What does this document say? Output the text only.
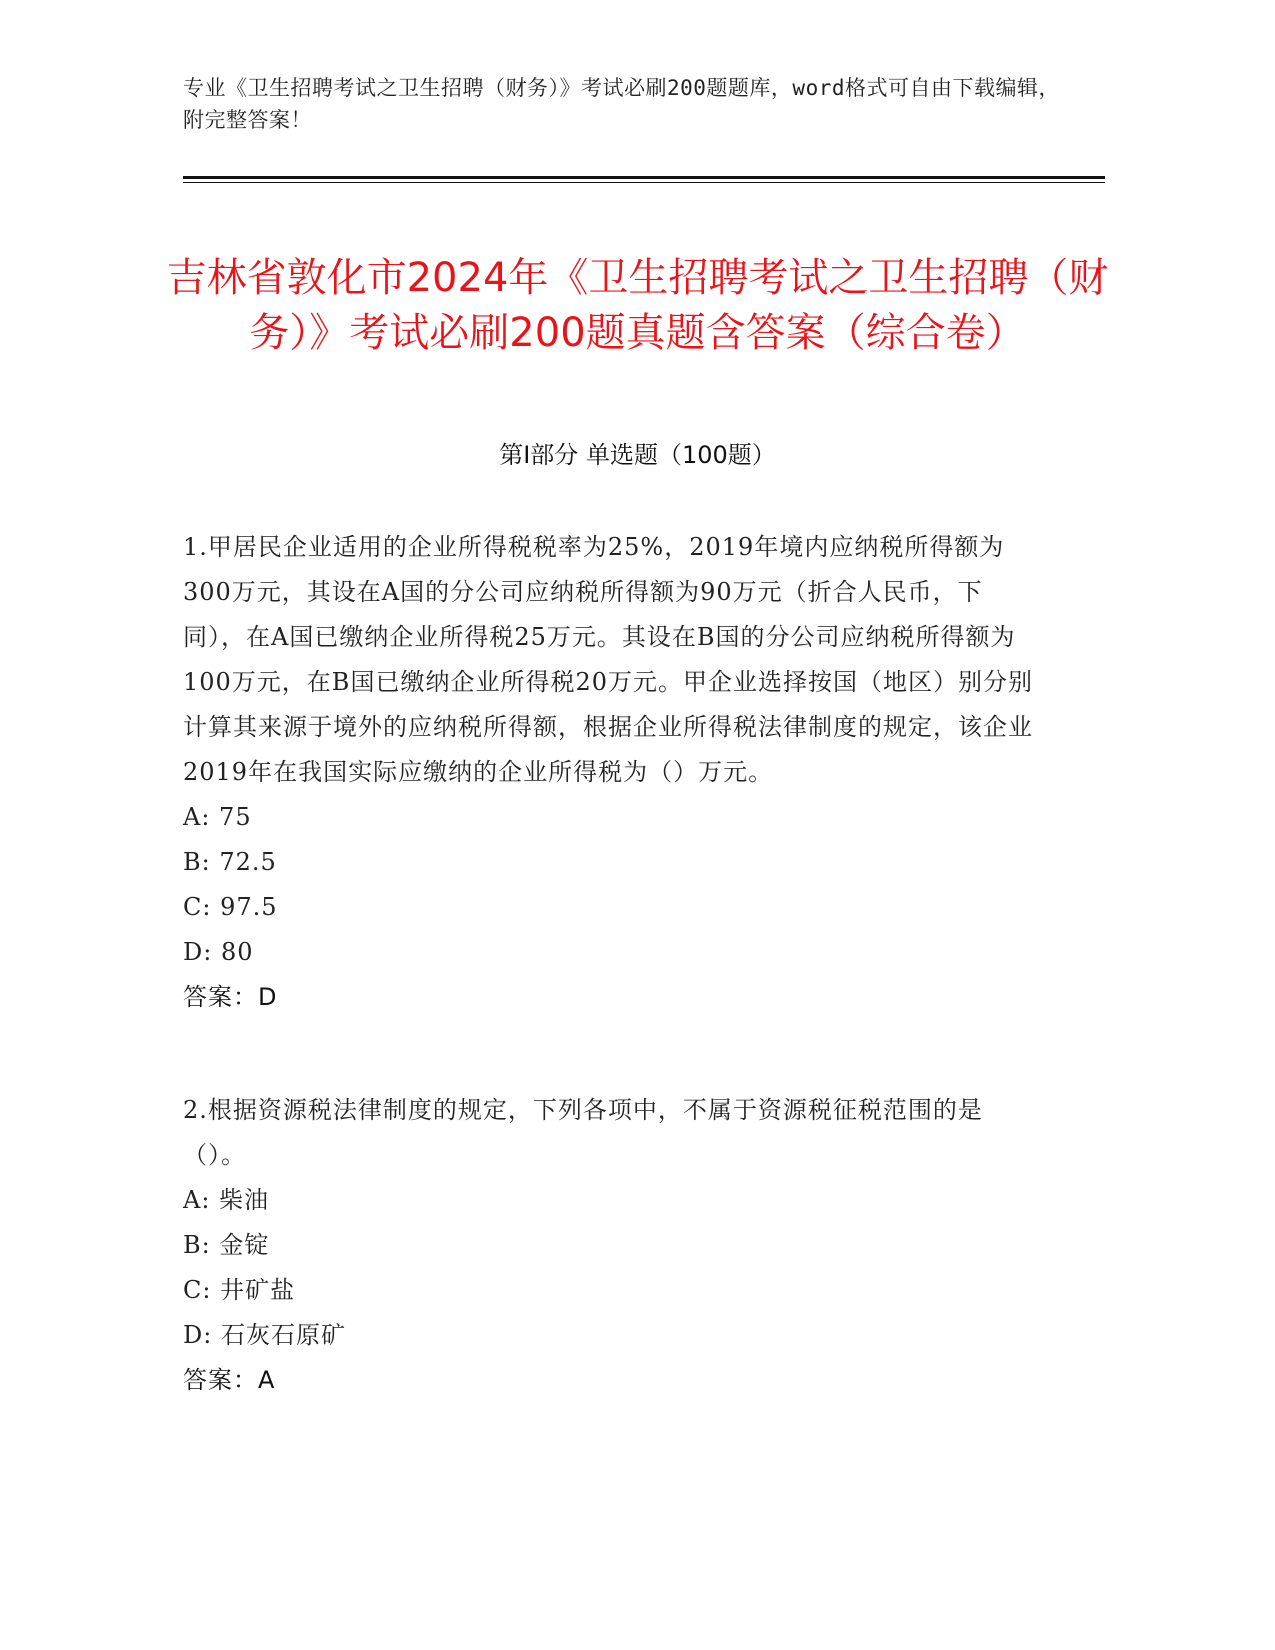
专业《卫生招聘考试之卫生招聘（财务）》考试必刷200题题库，word格式可自由下载编辑，附完整答案！
吉林省敦化市2024年《卫生招聘考试之卫生招聘（财务）》考试必刷200题真题含答案（综合卷）
第I部分 单选题（100题）

1.甲居民企业适用的企业所得税税率为25%，2019年境内应纳税所得额为300万元，其设在A国的分公司应纳税所得额为90万元（折合人民币，下同），在A国已缴纳企业所得税25万元。其设在B国的分公司应纳税所得额为100万元，在B国已缴纳企业所得税20万元。甲企业选择按国（地区）别分别计算其来源于境外的应纳税所得额，根据企业所得税法律制度的规定，该企业2019年在我国实际应缴纳的企业所得税为（）万元。

A: 75

B: 72.5

C: 97.5

D: 80

答案：D

2.根据资源税法律制度的规定，下列各项中，不属于资源税征税范围的是（）。

A: 柴油

B: 金锭

C: 井矿盐

D: 石灰石原矿

答案：A
